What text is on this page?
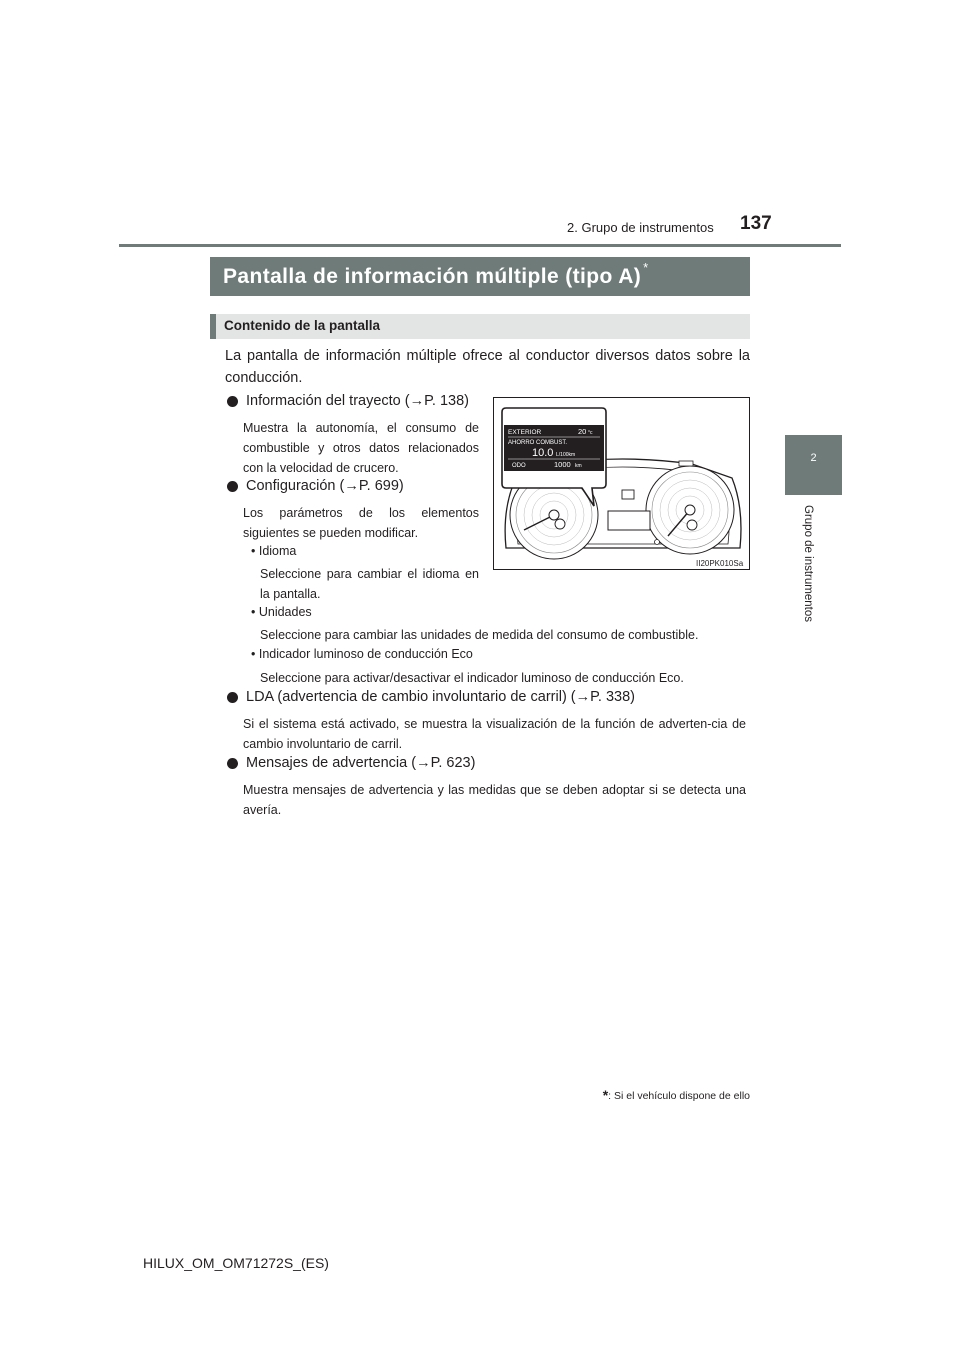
137
2. Grupo de instrumentos
2
Grupo de instrumentos
Pantalla de información múltiple (tipo A) *
Contenido de la pantalla
La pantalla de información múltiple ofrece al conductor diversos datos sobre la conducción.
Información del trayecto (→P. 138)
Muestra la autonomía, el consumo de combustible y otros datos relacionados con la velocidad de crucero.
Configuración (→P. 699)
Los parámetros de los elementos siguientes se pueden modificar.
• Idioma
Seleccione para cambiar el idioma en la pantalla.
• Unidades
Seleccione para cambiar las unidades de medida del consumo de combustible.
• Indicador luminoso de conducción Eco
Seleccione para activar/desactivar el indicador luminoso de conducción Eco.
LDA (advertencia de cambio involuntario de carril) (→P. 338)
Si el sistema está activado, se muestra la visualización de la función de adverten-cia de cambio involuntario de carril.
Mensajes de advertencia (→P. 623)
Muestra mensajes de advertencia y las medidas que se deben adoptar si se detecta una avería.
EXTERIOR	20 °c
AHORRO COMBUST.
10.0 L/100km
ODO	1000 km
II20PK010Sa
*: Si el vehículo dispone de ello
HILUX_OM_OM71272S_(ES)
